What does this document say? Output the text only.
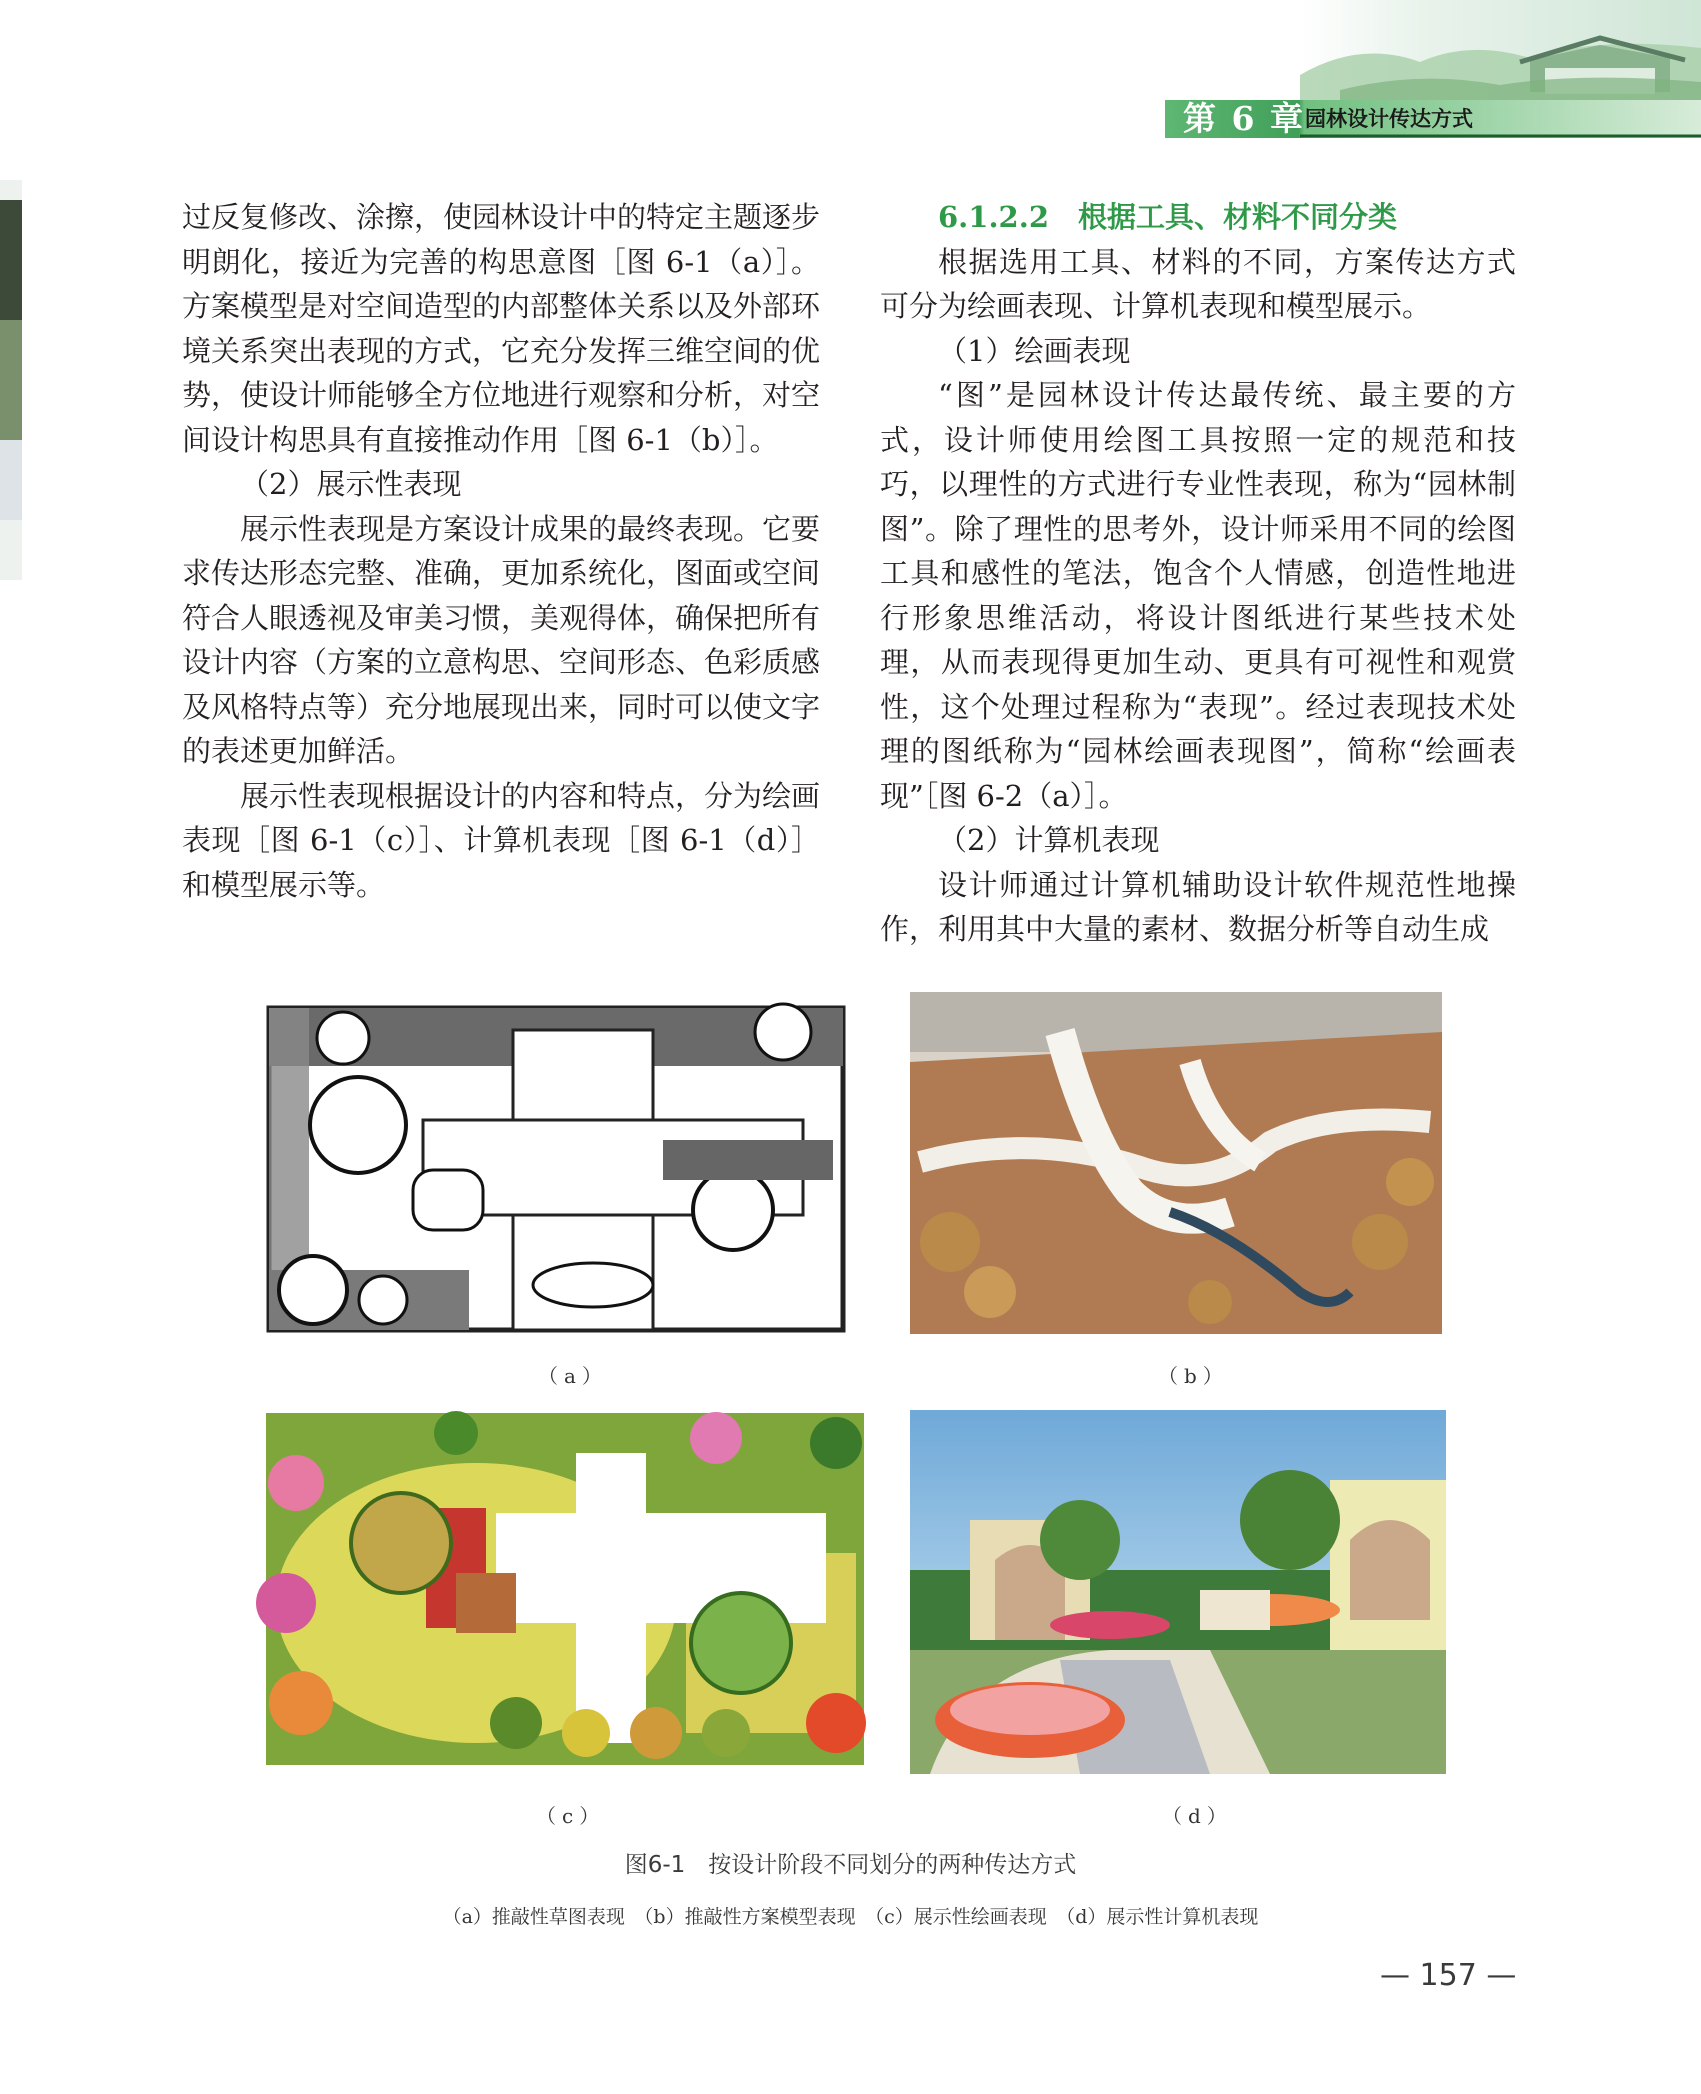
第 6 章 园林设计传达方式

过反复修改、涂擦，使园林设计中的特定主题逐步明朗化，接近为完善的构思意图［图 6-1（a）］。方案模型是对空间造型的内部整体关系以及外部环境关系突出表现的方式，它充分发挥三维空间的优势，使设计师能够全方位地进行观察和分析，对空间设计构思具有直接推动作用［图 6-1（b）］。

（2）展示性表现

展示性表现是方案设计成果的最终表现。它要求传达形态完整、准确，更加系统化，图面或空间符合人眼透视及审美习惯，美观得体，确保把所有设计内容（方案的立意构思、空间形态、色彩质感及风格特点等）充分地展现出来，同时可以使文字的表述更加鲜活。

展示性表现根据设计的内容和特点，分为绘画表现［图 6-1（c）］、计算机表现［图 6-1（d）］和模型展示等。

6.1.2.2　根据工具、材料不同分类

根据选用工具、材料的不同，方案传达方式可分为绘画表现、计算机表现和模型展示。

（1）绘画表现

“图”是园林设计传达最传统、最主要的方式，设计师使用绘图工具按照一定的规范和技巧，以理性的方式进行专业性表现，称为“园林制图”。除了理性的思考外，设计师采用不同的绘图工具和感性的笔法，饱含个人情感，创造性地进行形象思维活动，将设计图纸进行某些技术处理，从而表现得更加生动、更具有可视性和观赏性，这个处理过程称为“表现”。经过表现技术处理的图纸称为“园林绘画表现图”，简称“绘画表现”［图 6-2（a）］。

（2）计算机表现

设计师通过计算机辅助设计软件规范性地操作，利用其中大量的素材、数据分析等自动生成

（a）	（b）
（c）	（d）
图6-1　按设计阶段不同划分的两种传达方式
（a）推敲性草图表现　（b）推敲性方案模型表现　（c）展示性绘画表现　（d）展示性计算机表现
— 157 —
